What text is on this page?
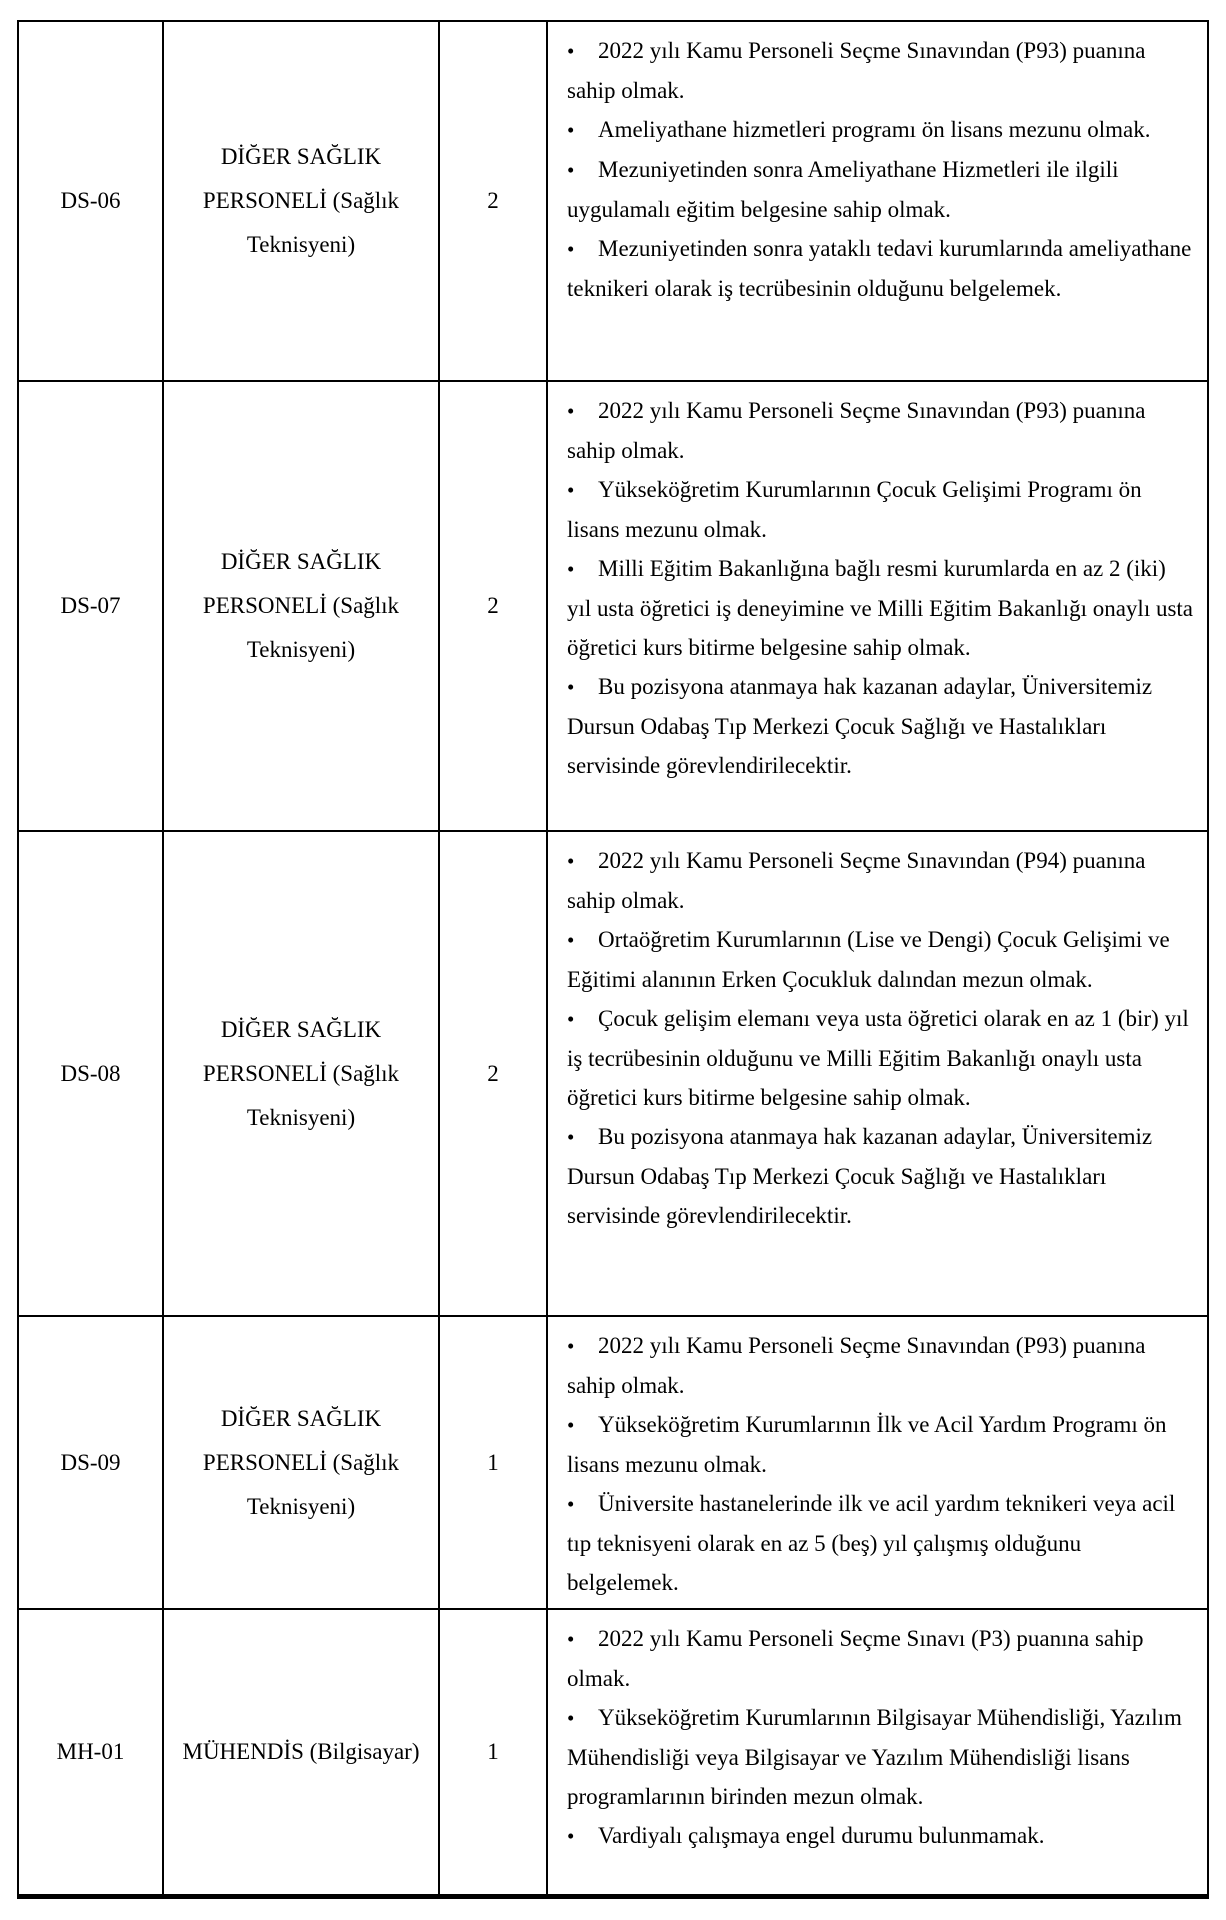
DS-06	DİĞER SAĞLIK PERSONELİ (Sağlık Teknisyeni)	2	• 2022 yılı Kamu Personeli Seçme Sınavından (P93) puanına sahip olmak.

• Ameliyathane hizmetleri programı ön lisans mezunu olmak.

• Mezuniyetinden sonra Ameliyathane Hizmetleri ile ilgili uygulamalı eğitim belgesine sahip olmak.

• Mezuniyetinden sonra yataklı tedavi kurumlarında ameliyathane teknikeri olarak iş tecrübesinin olduğunu belgelemek.

DS-07	DİĞER SAĞLIK PERSONELİ (Sağlık Teknisyeni)	2	• 2022 yılı Kamu Personeli Seçme Sınavından (P93) puanına sahip olmak.

• Yükseköğretim Kurumlarının Çocuk Gelişimi Programı ön lisans mezunu olmak.

• Milli Eğitim Bakanlığına bağlı resmi kurumlarda en az 2 (iki) yıl usta öğretici iş deneyimine ve Milli Eğitim Bakanlığı onaylı usta öğretici kurs bitirme belgesine sahip olmak.

• Bu pozisyona atanmaya hak kazanan adaylar, Üniversitemiz Dursun Odabaş Tıp Merkezi Çocuk Sağlığı ve Hastalıkları servisinde görevlendirilecektir.

DS-08	DİĞER SAĞLIK PERSONELİ (Sağlık Teknisyeni)	2	• 2022 yılı Kamu Personeli Seçme Sınavından (P94) puanına sahip olmak.

• Ortaöğretim Kurumlarının (Lise ve Dengi) Çocuk Gelişimi ve Eğitimi alanının Erken Çocukluk dalından mezun olmak.

• Çocuk gelişim elemanı veya usta öğretici olarak en az 1 (bir) yıl iş tecrübesinin olduğunu ve Milli Eğitim Bakanlığı onaylı usta öğretici kurs bitirme belgesine sahip olmak.

• Bu pozisyona atanmaya hak kazanan adaylar, Üniversitemiz Dursun Odabaş Tıp Merkezi Çocuk Sağlığı ve Hastalıkları servisinde görevlendirilecektir.

DS-09	DİĞER SAĞLIK PERSONELİ (Sağlık Teknisyeni)	1	• 2022 yılı Kamu Personeli Seçme Sınavından (P93) puanına sahip olmak.

• Yükseköğretim Kurumlarının İlk ve Acil Yardım Programı ön lisans mezunu olmak.

• Üniversite hastanelerinde ilk ve acil yardım teknikeri veya acil tıp teknisyeni olarak en az 5 (beş) yıl çalışmış olduğunu belgelemek.

MH-01	MÜHENDİS (Bilgisayar)	1	• 2022 yılı Kamu Personeli Seçme Sınavı (P3) puanına sahip olmak.

• Yükseköğretim Kurumlarının Bilgisayar Mühendisliği, Yazılım Mühendisliği veya Bilgisayar ve Yazılım Mühendisliği lisans programlarının birinden mezun olmak.

• Vardiyalı çalışmaya engel durumu bulunmamak.
